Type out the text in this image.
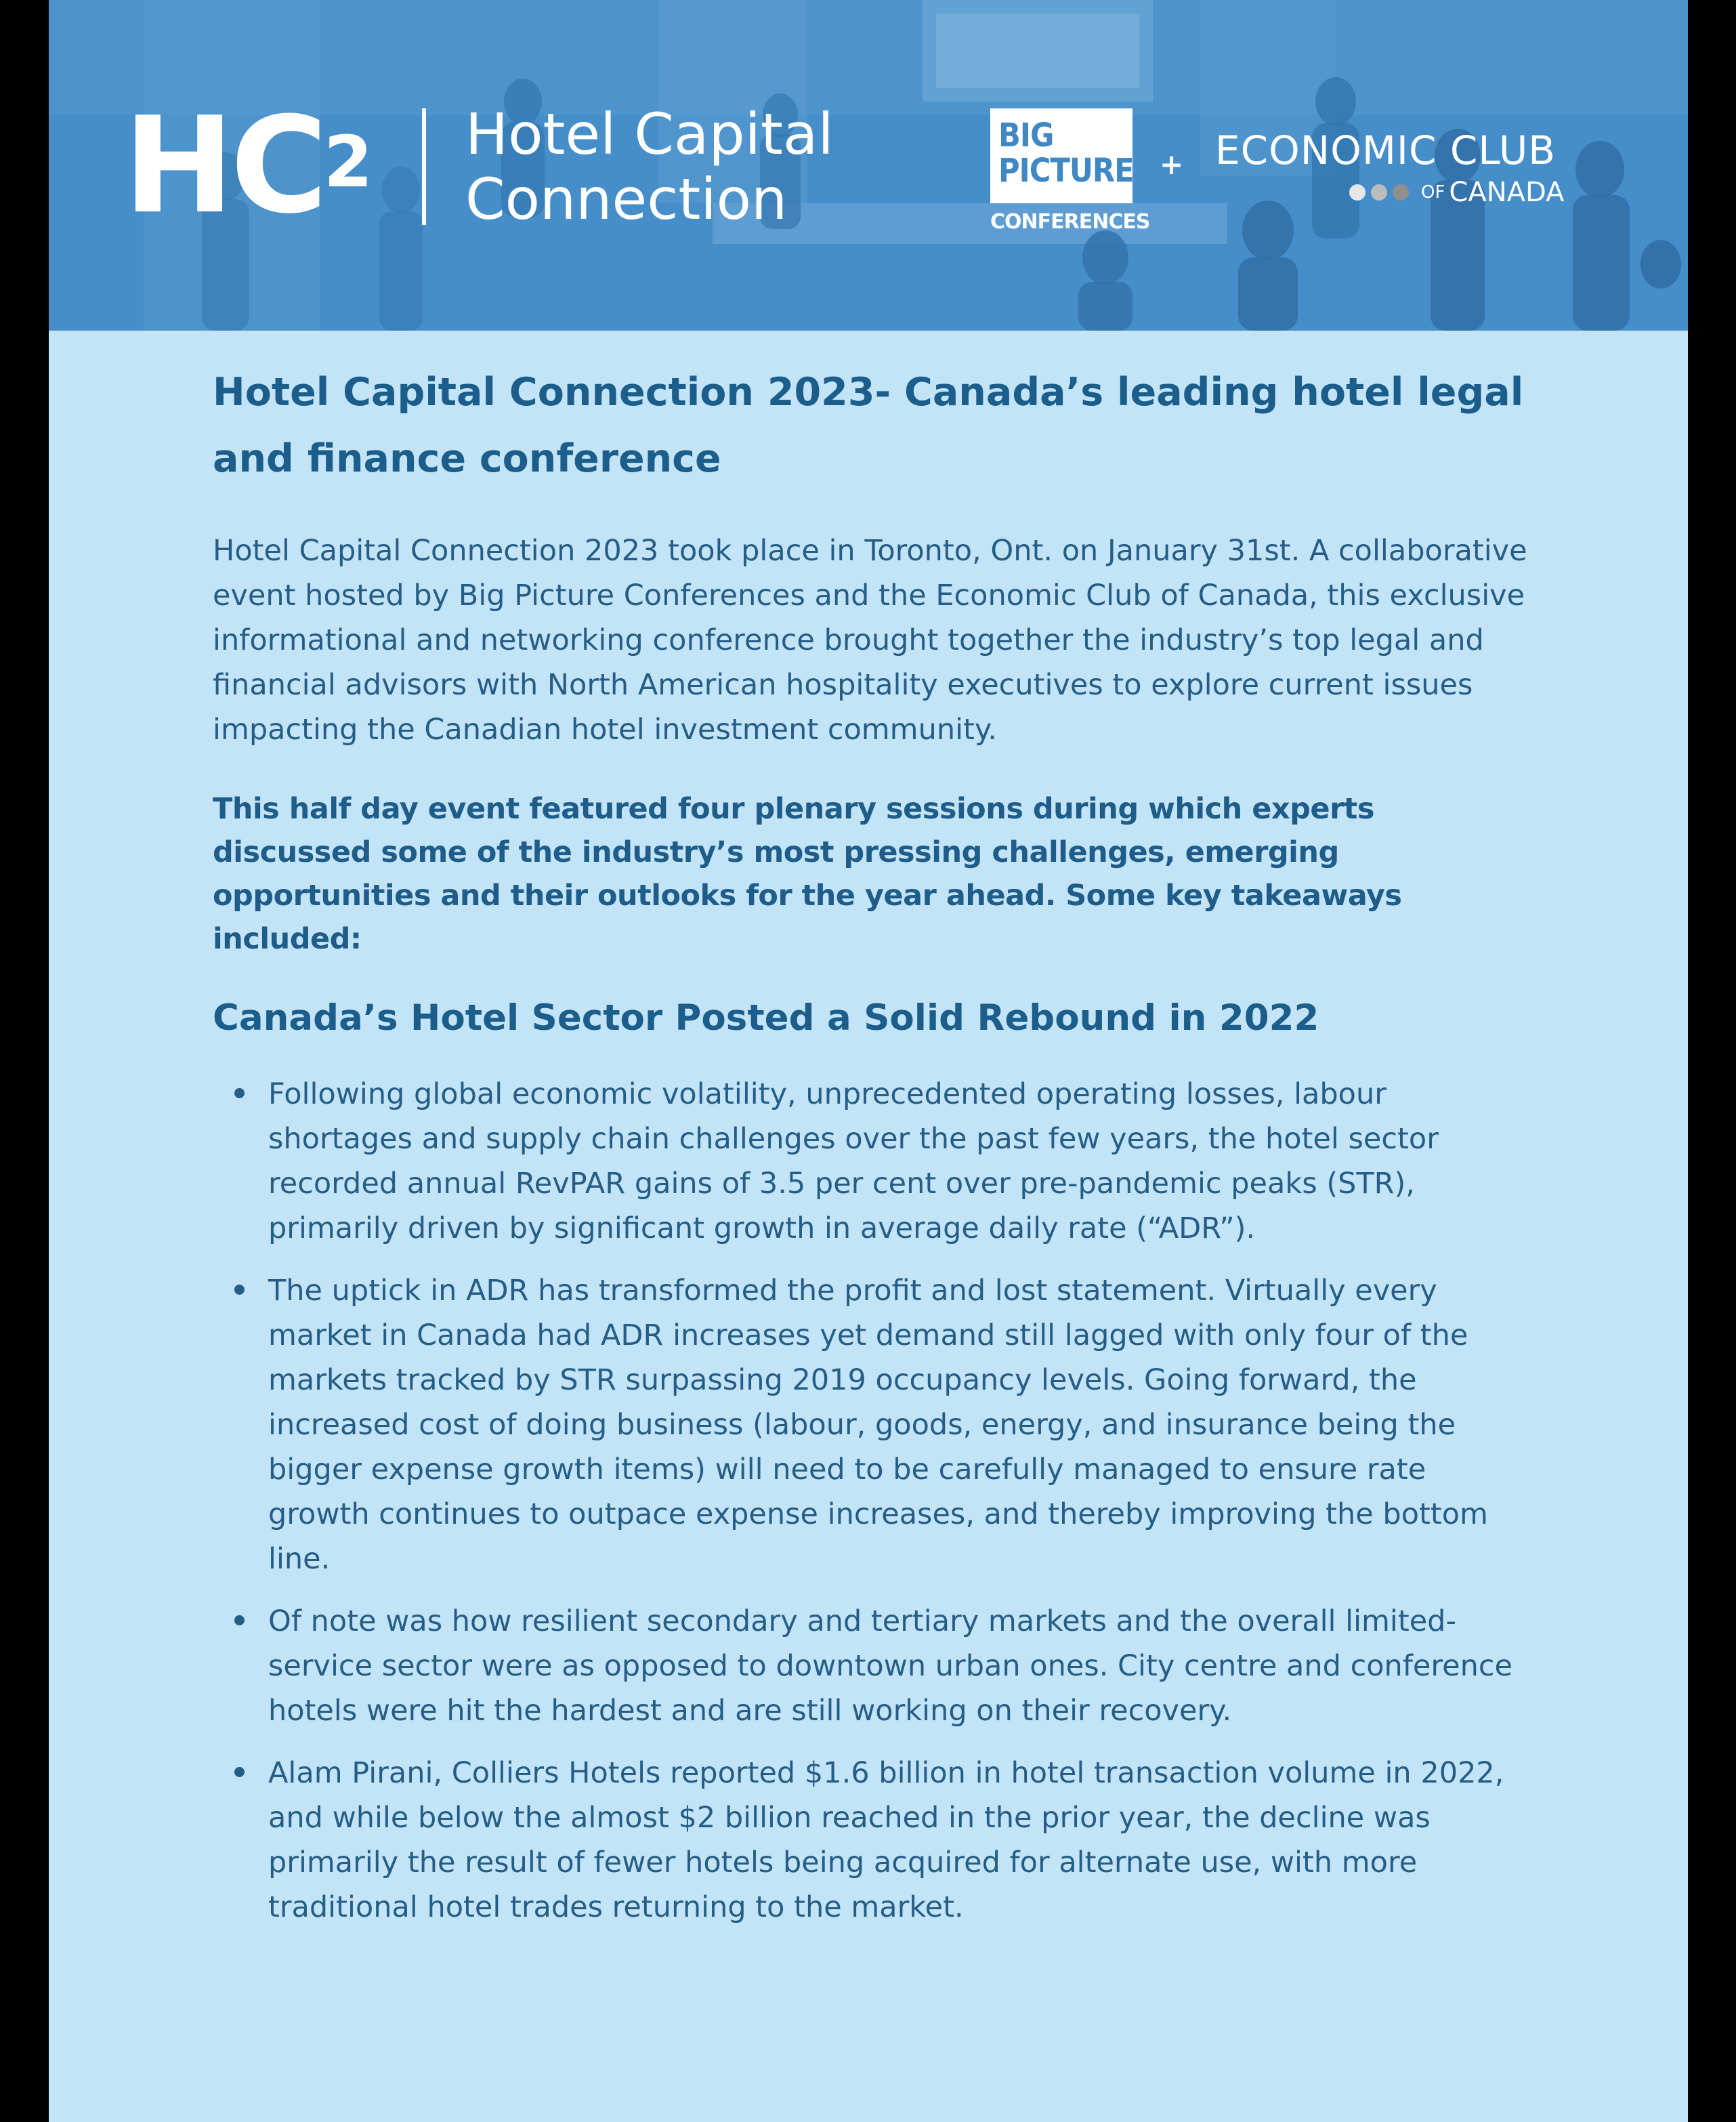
$HC^2$ Hotel Capital
Connection
BIG
PICTURE
CONFERENCES
+ ECONOMIC CLUB
OF CANADA
Hotel Capital Connection 2023- Canada’s leading hotel legal and finance conference

Hotel Capital Connection 2023 took place in Toronto, Ont. on January 31st. A collaborative event hosted by Big Picture Conferences and the Economic Club of Canada, this exclusive informational and networking conference brought together the industry’s top legal and financial advisors with North American hospitality executives to explore current issues impacting the Canadian hotel investment community.

This half day event featured four plenary sessions during which experts discussed some of the industry’s most pressing challenges, emerging opportunities and their outlooks for the year ahead. Some key takeaways included:

Canada’s Hotel Sector Posted a Solid Rebound in 2022
Following global economic volatility, unprecedented operating losses, labour shortages and supply chain challenges over the past few years, the hotel sector recorded annual RevPAR gains of 3.5 per cent over pre-pandemic peaks (STR), primarily driven by significant growth in average daily rate (“ADR”).
The uptick in ADR has transformed the profit and lost statement. Virtually every market in Canada had ADR increases yet demand still lagged with only four of the markets tracked by STR surpassing 2019 occupancy levels. Going forward, the increased cost of doing business (labour, goods, energy, and insurance being the bigger expense growth items) will need to be carefully managed to ensure rate growth continues to outpace expense increases, and thereby improving the bottom line.
Of note was how resilient secondary and tertiary markets and the overall limited-service sector were as opposed to downtown urban ones. City centre and conference hotels were hit the hardest and are still working on their recovery.
Alam Pirani, Colliers Hotels reported $1.6 billion in hotel transaction volume in 2022, and while below the almost $2 billion reached in the prior year, the decline was primarily the result of fewer hotels being acquired for alternate use, with more traditional hotel trades returning to the market.
